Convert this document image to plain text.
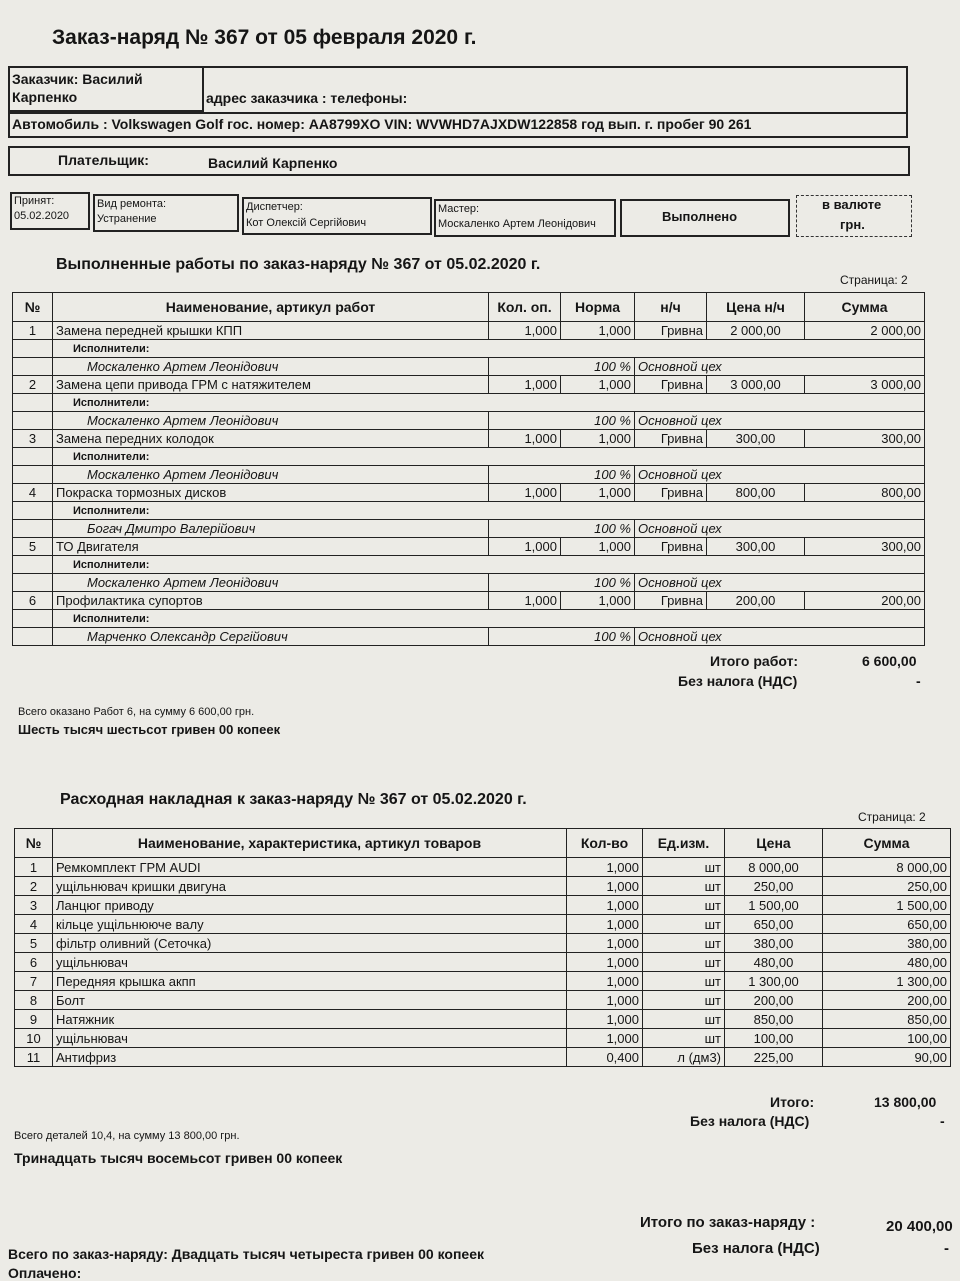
Заказ-наряд № 367 от 05 февраля 2020 г.
Заказчик: Василий Карпенко	адрес заказчика : телефоны:
Автомобиль : Volkswagen Golf гос. номер: AA8799XO VIN: WVWHD7AJXDW122858 год вып. г. пробег 90 261
Плательщик:	Василий Карпенко
Принят:
05.02.2020
Вид ремонта:
Устранение
Диспетчер:
Кот Олексій Сергійович
Мастер:
Москаленко Артем Леонідович	Выполнено
в валюте
грн.
Выполненные работы по заказ-наряду № 367 от 05.02.2020 г.
Страница: 2
№	Наименование, артикул работ	Кол. оп.	Норма	н/ч	Цена н/ч	Сумма
1	Замена передней крышки КПП	1,000	1,000	Гривна	2 000,00	2 000,00
	Исполнители:					
	Москаленко Артем Леонідович	100 %		Основной цех		
2	Замена цепи привода ГРМ с натяжителем	1,000	1,000	Гривна	3 000,00	3 000,00
	Исполнители:					
	Москаленко Артем Леонідович	100 %		Основной цех		
3	Замена передних колодок	1,000	1,000	Гривна	300,00	300,00
	Исполнители:					
	Москаленко Артем Леонідович	100 %		Основной цех		
4	Покраска тормозных дисков	1,000	1,000	Гривна	800,00	800,00
	Исполнители:					
	Богач Дмитро Валерійович	100 %		Основной цех		
5	ТО Двигателя	1,000	1,000	Гривна	300,00	300,00
	Исполнители:					
	Москаленко Артем Леонідович	100 %		Основной цех		
6	Профилактика супортов	1,000	1,000	Гривна	200,00	200,00
	Исполнители:					
	Марченко Олександр Сергійович	100 %		Основной цех		
Итого работ:	6 600,00
Без налога (НДС)	-
Всего оказано Работ 6, на сумму 6 600,00 грн.
Шесть тысяч шестьсот гривен 00 копеек
Расходная накладная к заказ-наряду № 367 от 05.02.2020 г.
Страница: 2
№	Наименование, характеристика, артикул товаров	Кол-во	Ед.изм.	Цена	Сумма
1	Ремкомплект ГРМ AUDI	1,000	шт	8 000,00	8 000,00
2	ущільнювач кришки двигуна	1,000	шт	250,00	250,00
3	Ланцюг приводу	1,000	шт	1 500,00	1 500,00
4	кільце ущільнююче валу	1,000	шт	650,00	650,00
5	фільтр оливний (Сеточка)	1,000	шт	380,00	380,00
6	ущільнювач	1,000	шт	480,00	480,00
7	Передняя крышка акпп	1,000	шт	1 300,00	1 300,00
8	Болт	1,000	шт	200,00	200,00
9	Натяжник	1,000	шт	850,00	850,00
10	ущільнювач	1,000	шт	100,00	100,00
11	Антифриз	0,400	л (дм3)	225,00	90,00
Итого:	13 800,00
Без налога (НДС)	-
Всего деталей 10,4, на сумму 13 800,00 грн.
Тринадцать тысяч восемьсот гривен 00 копеек
Итого по заказ-наряду :	20 400,00
Без налога (НДС)	-
Всего по заказ-наряду: Двадцать тысяч четыреста гривен 00 копеек
Оплачено:
